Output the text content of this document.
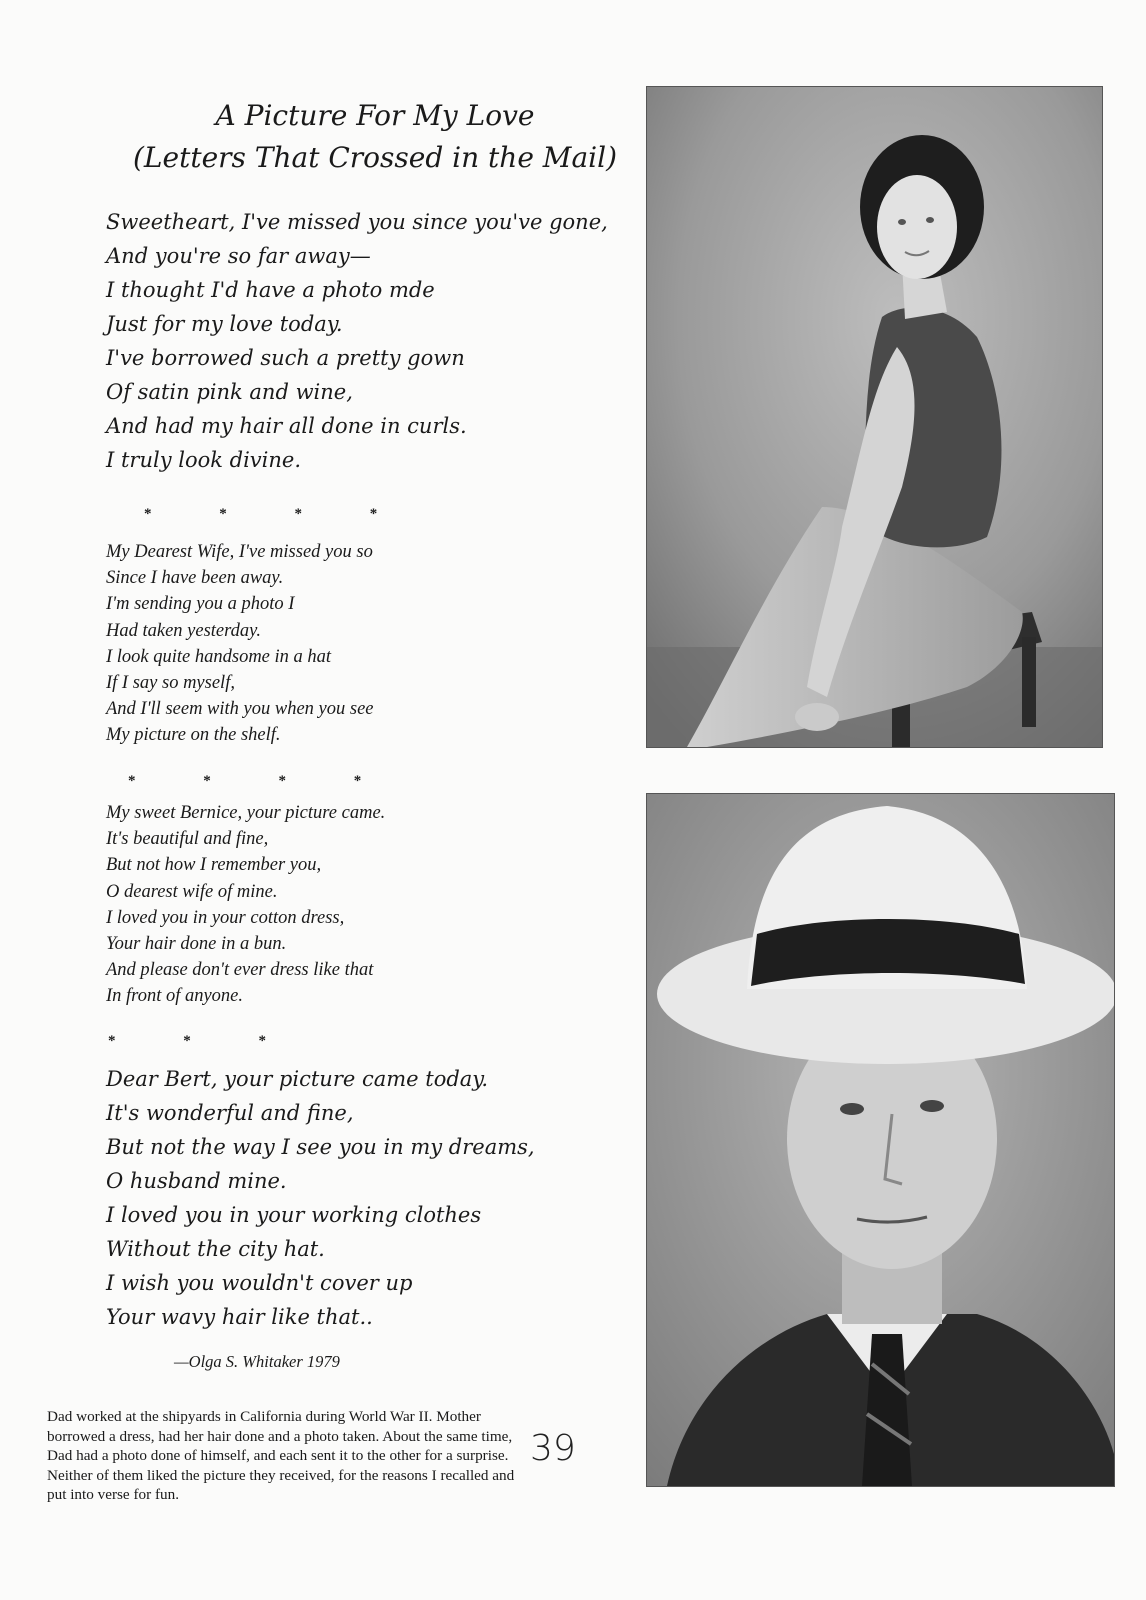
A Picture For My Love
(Letters That Crossed in the Mail)
Sweetheart, I've missed you since you've gone,
And you're so far away—
I thought I'd have a photo mde
Just for my love today.
I've borrowed such a pretty gown
Of satin pink and wine,
And had my hair all done in curls.
I truly look divine.
* * * *
My Dearest Wife, I've missed you so
Since I have been away.
I'm sending you a photo I
Had taken yesterday.
I look quite handsome in a hat
If I say so myself,
And I'll seem with you when you see
My picture on the shelf.
* * * *
My sweet Bernice, your picture came.
It's beautiful and fine,
But not how I remember you,
O dearest wife of mine.
I loved you in your cotton dress,
Your hair done in a bun.
And please don't ever dress like that
In front of anyone.
* * *
Dear Bert, your picture came today.
It's wonderful and fine,
But not the way I see you in my dreams,
O husband mine.
I loved you in your working clothes
Without the city hat.
I wish you wouldn't cover up
Your wavy hair like that..
—Olga S. Whitaker 1979
Dad worked at the shipyards in California during World War II. Mother borrowed a dress, had her hair done and a photo taken. About the same time, Dad had a photo done of himself, and each sent it to the other for a surprise. Neither of them liked the picture they received, for the reasons I recalled and put into verse for fun.
39
